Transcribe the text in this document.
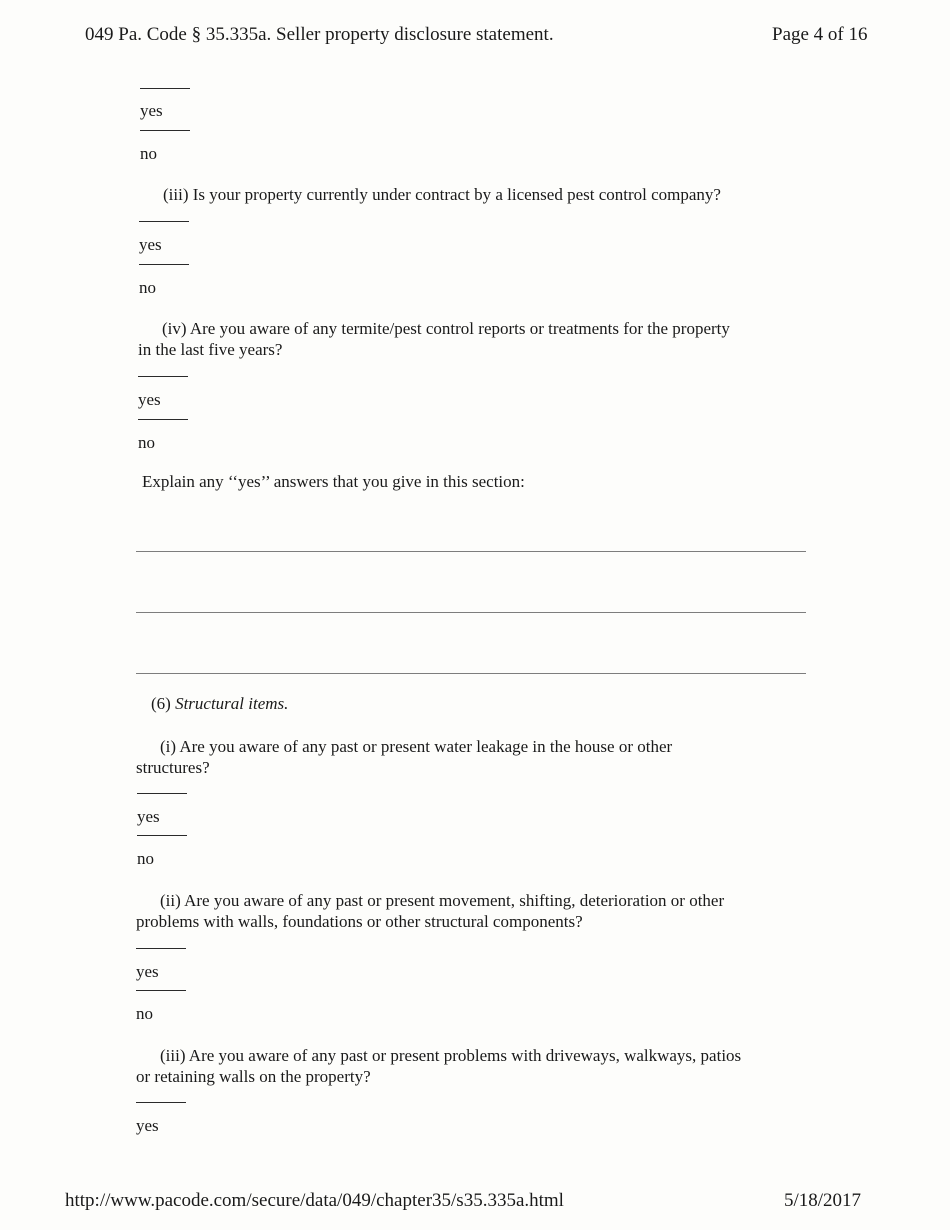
049 Pa. Code § 35.335a. Seller property disclosure statement.	Page 4 of 16
yes
no
(iii) Is your property currently under contract by a licensed pest control company?
yes
no
(iv) Are you aware of any termite/pest control reports or treatments for the property
in the last five years?
yes
no
Explain any ‘‘yes’’ answers that you give in this section:
(6) Structural items.
(i) Are you aware of any past or present water leakage in the house or other
structures?
yes
no
(ii) Are you aware of any past or present movement, shifting, deterioration or other
problems with walls, foundations or other structural components?
yes
no
(iii) Are you aware of any past or present problems with driveways, walkways, patios
or retaining walls on the property?
yes
http://www.pacode.com/secure/data/049/chapter35/s35.335a.html	5/18/2017
